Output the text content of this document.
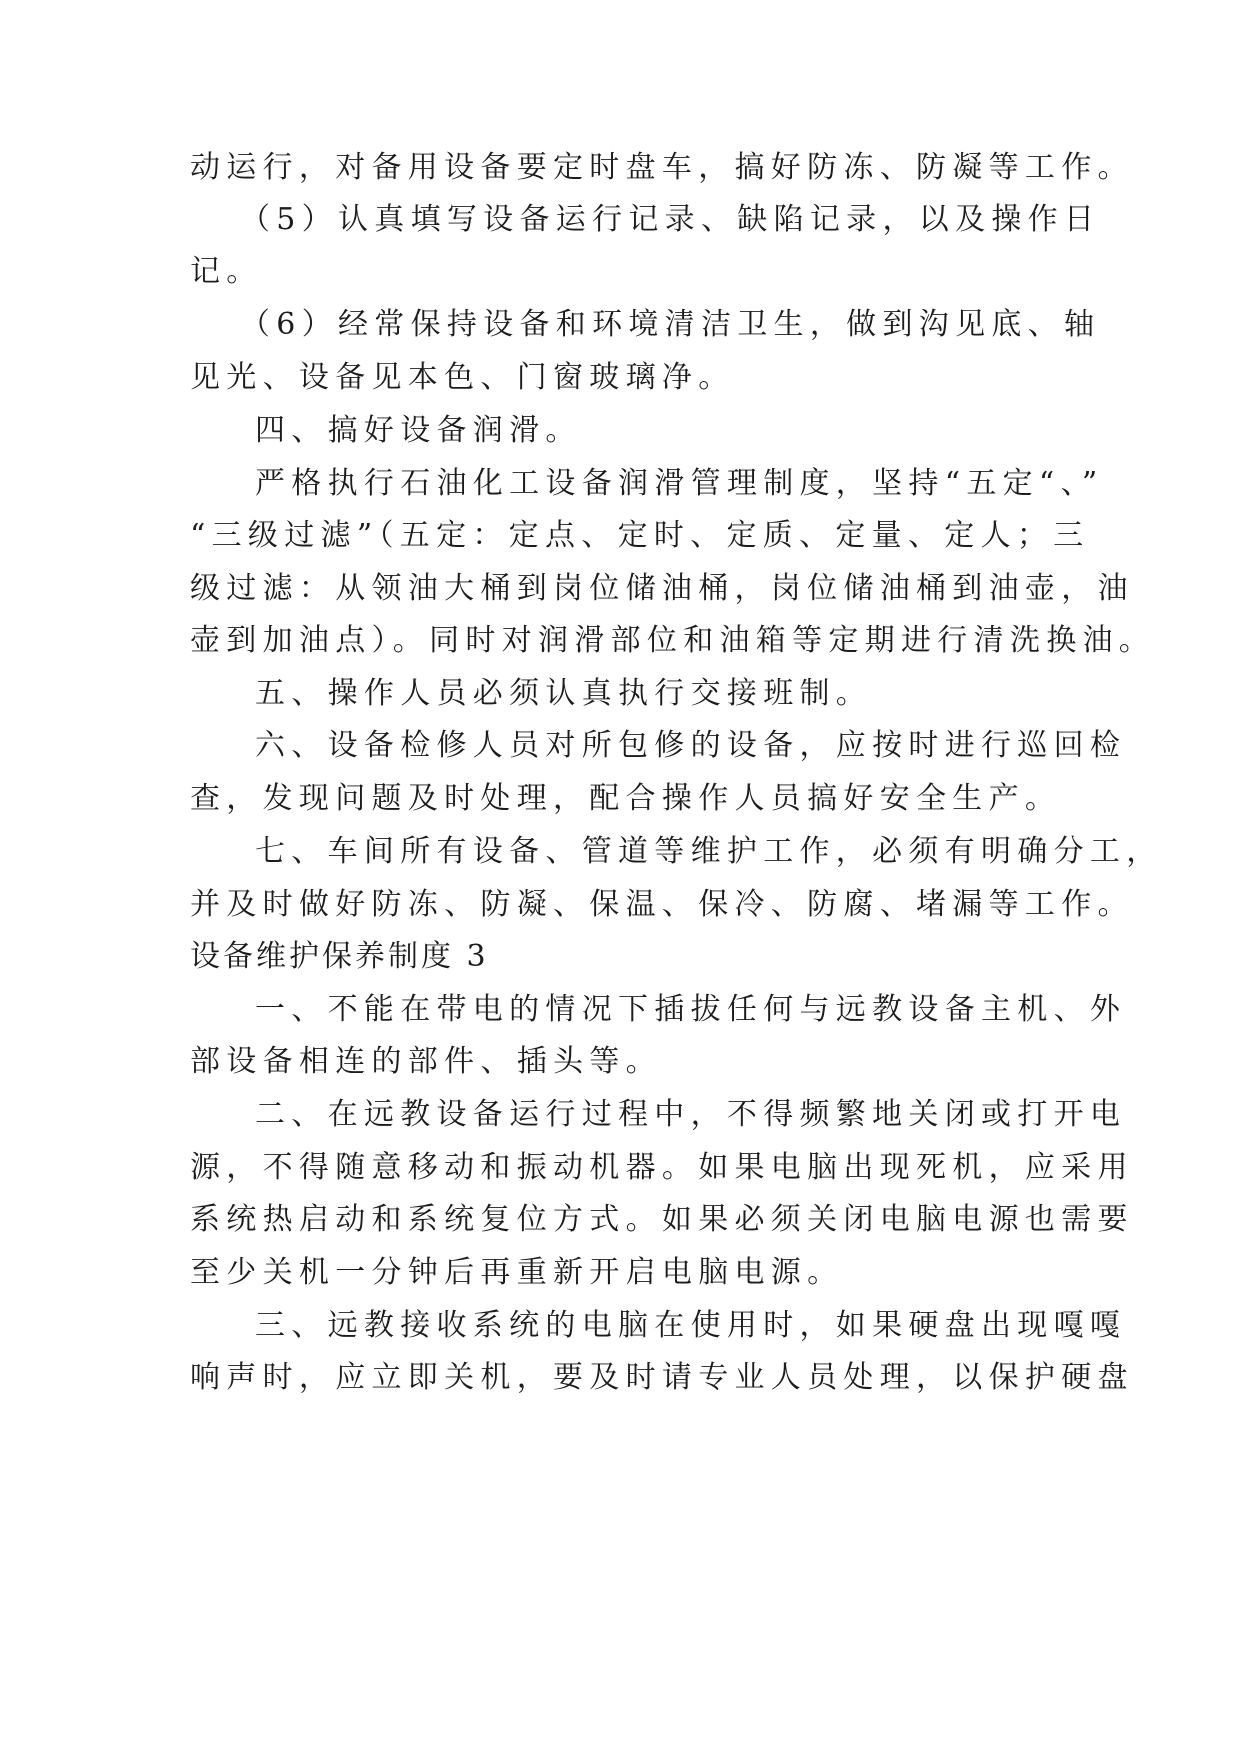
动运行，对备用设备要定时盘车，搞好防冻、防凝等工作。
（5）认真填写设备运行记录、缺陷记录，以及操作日
记。
（6）经常保持设备和环境清洁卫生，做到沟见底、轴
见光、设备见本色、门窗玻璃净。
四、搞好设备润滑。
严格执行石油化工设备润滑管理制度，坚持“五定“、”
“三级过滤”（五定：定点、定时、定质、定量、定人；三
级过滤：从领油大桶到岗位储油桶，岗位储油桶到油壶，油
壶到加油点）。同时对润滑部位和油箱等定期进行清洗换油。
五、操作人员必须认真执行交接班制。
六、设备检修人员对所包修的设备，应按时进行巡回检
查，发现问题及时处理，配合操作人员搞好安全生产。
七、车间所有设备、管道等维护工作，必须有明确分工，
并及时做好防冻、防凝、保温、保冷、防腐、堵漏等工作。
设备维护保养制度 3
一、不能在带电的情况下插拔任何与远教设备主机、外
部设备相连的部件、插头等。
二、在远教设备运行过程中，不得频繁地关闭或打开电
源，不得随意移动和振动机器。如果电脑出现死机，应采用
系统热启动和系统复位方式。如果必须关闭电脑电源也需要
至少关机一分钟后再重新开启电脑电源。
三、远教接收系统的电脑在使用时，如果硬盘出现嘎嘎
响声时，应立即关机，要及时请专业人员处理，以保护硬盘
